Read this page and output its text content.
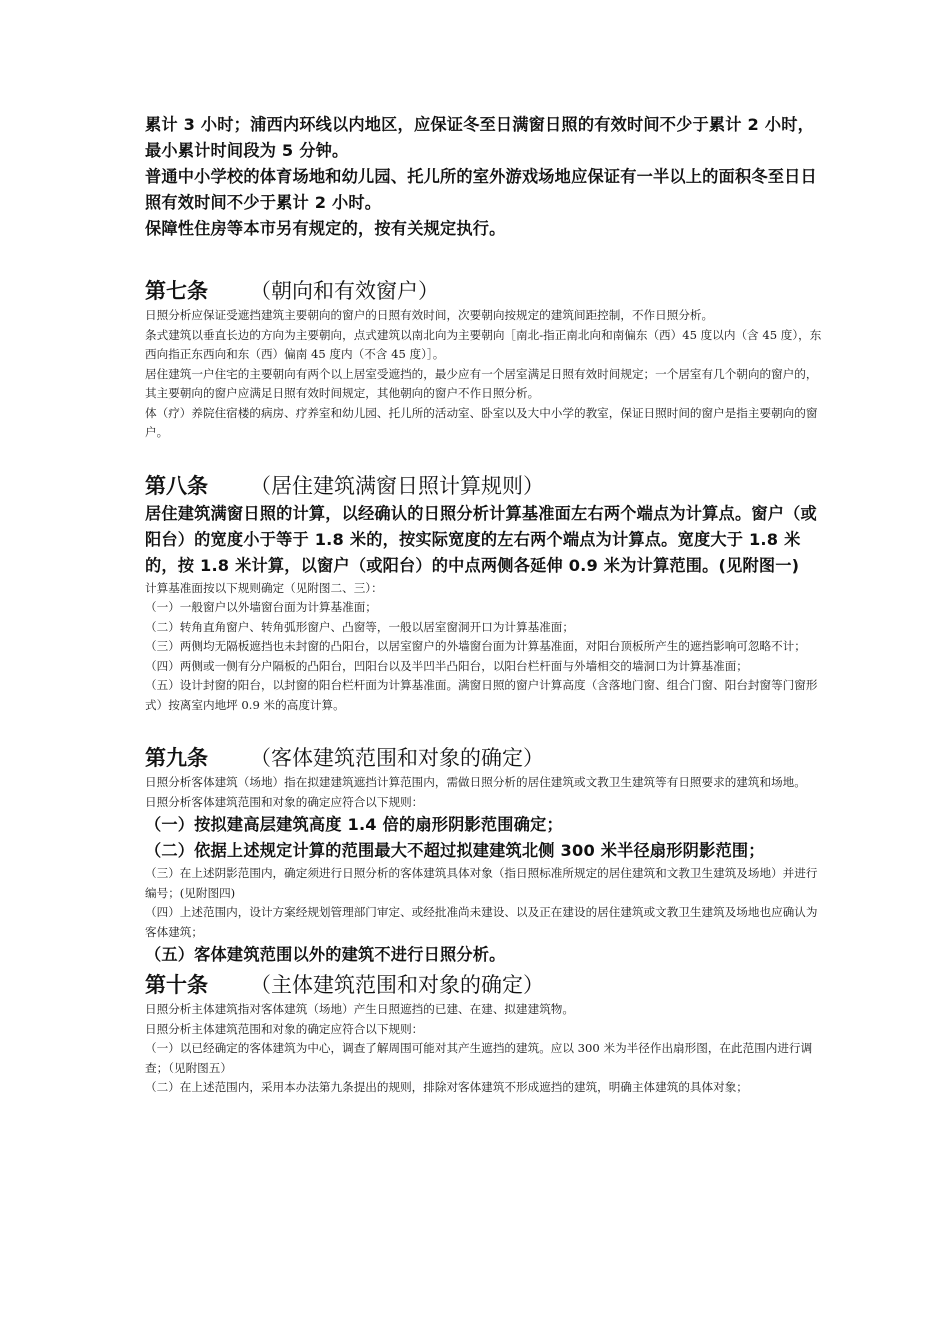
累计 3 小时；浦西内环线以内地区，应保证冬至日满窗日照的有效时间不少于累计 2 小时，最小累计时间段为 5 分钟。

普通中小学校的体育场地和幼儿园、托儿所的室外游戏场地应保证有一半以上的面积冬至日日照有效时间不少于累计 2 小时。

保障性住房等本市另有规定的，按有关规定执行。

第七条 （朝向和有效窗户）

日照分析应保证受遮挡建筑主要朝向的窗户的日照有效时间，次要朝向按规定的建筑间距控制，不作日照分析。

条式建筑以垂直长边的方向为主要朝向，点式建筑以南北向为主要朝向［南北-指正南北向和南偏东（西）45 度以内（含 45 度），东西向指正东西向和东（西）偏南 45 度内（不含 45 度）］。

居住建筑一户住宅的主要朝向有两个以上居室受遮挡的，最少应有一个居室满足日照有效时间规定；一个居室有几个朝向的窗户的，其主要朝向的窗户应满足日照有效时间规定，其他朝向的窗户不作日照分析。

体（疗）养院住宿楼的病房、疗养室和幼儿园、托儿所的活动室、卧室以及大中小学的教室，保证日照时间的窗户是指主要朝向的窗户。

第八条 （居住建筑满窗日照计算规则）

居住建筑满窗日照的计算，以经确认的日照分析计算基准面左右两个端点为计算点。窗户（或阳台）的宽度小于等于 1.8 米的，按实际宽度的左右两个端点为计算点。宽度大于 1.8 米的，按 1.8 米计算，以窗户（或阳台）的中点两侧各延伸 0.9 米为计算范围。(见附图一)

计算基准面按以下规则确定（见附图二、三）：

（一）一般窗户以外墙窗台面为计算基准面；

（二）转角直角窗户、转角弧形窗户、凸窗等，一般以居室窗洞开口为计算基准面；

（三）两侧均无隔板遮挡也未封窗的凸阳台，以居室窗户的外墙窗台面为计算基准面，对阳台顶板所产生的遮挡影响可忽略不计；

（四）两侧或一侧有分户隔板的凸阳台，凹阳台以及半凹半凸阳台，以阳台栏杆面与外墙相交的墙洞口为计算基准面；

（五）设计封窗的阳台，以封窗的阳台栏杆面为计算基准面。满窗日照的窗户计算高度（含落地门窗、组合门窗、阳台封窗等门窗形式）按离室内地坪 0.9 米的高度计算。

第九条 （客体建筑范围和对象的确定）

日照分析客体建筑（场地）指在拟建建筑遮挡计算范围内，需做日照分析的居住建筑或文教卫生建筑等有日照要求的建筑和场地。

日照分析客体建筑范围和对象的确定应符合以下规则：

（一）按拟建高层建筑高度 1.4 倍的扇形阴影范围确定；

（二）依据上述规定计算的范围最大不超过拟建建筑北侧 300 米半径扇形阴影范围；

（三）在上述阴影范围内，确定须进行日照分析的客体建筑具体对象（指日照标准所规定的居住建筑和文教卫生建筑及场地）并进行编号；(见附图四)

（四）上述范围内，设计方案经规划管理部门审定、或经批准尚未建设、以及正在建设的居住建筑或文教卫生建筑及场地也应确认为客体建筑；

（五）客体建筑范围以外的建筑不进行日照分析。

第十条 （主体建筑范围和对象的确定）

日照分析主体建筑指对客体建筑（场地）产生日照遮挡的已建、在建、拟建建筑物。

日照分析主体建筑范围和对象的确定应符合以下规则：

（一）以已经确定的客体建筑为中心，调查了解周围可能对其产生遮挡的建筑。应以 300 米为半径作出扇形图，在此范围内进行调查；（见附图五）

（二）在上述范围内，采用本办法第九条提出的规则，排除对客体建筑不形成遮挡的建筑，明确主体建筑的具体对象；
